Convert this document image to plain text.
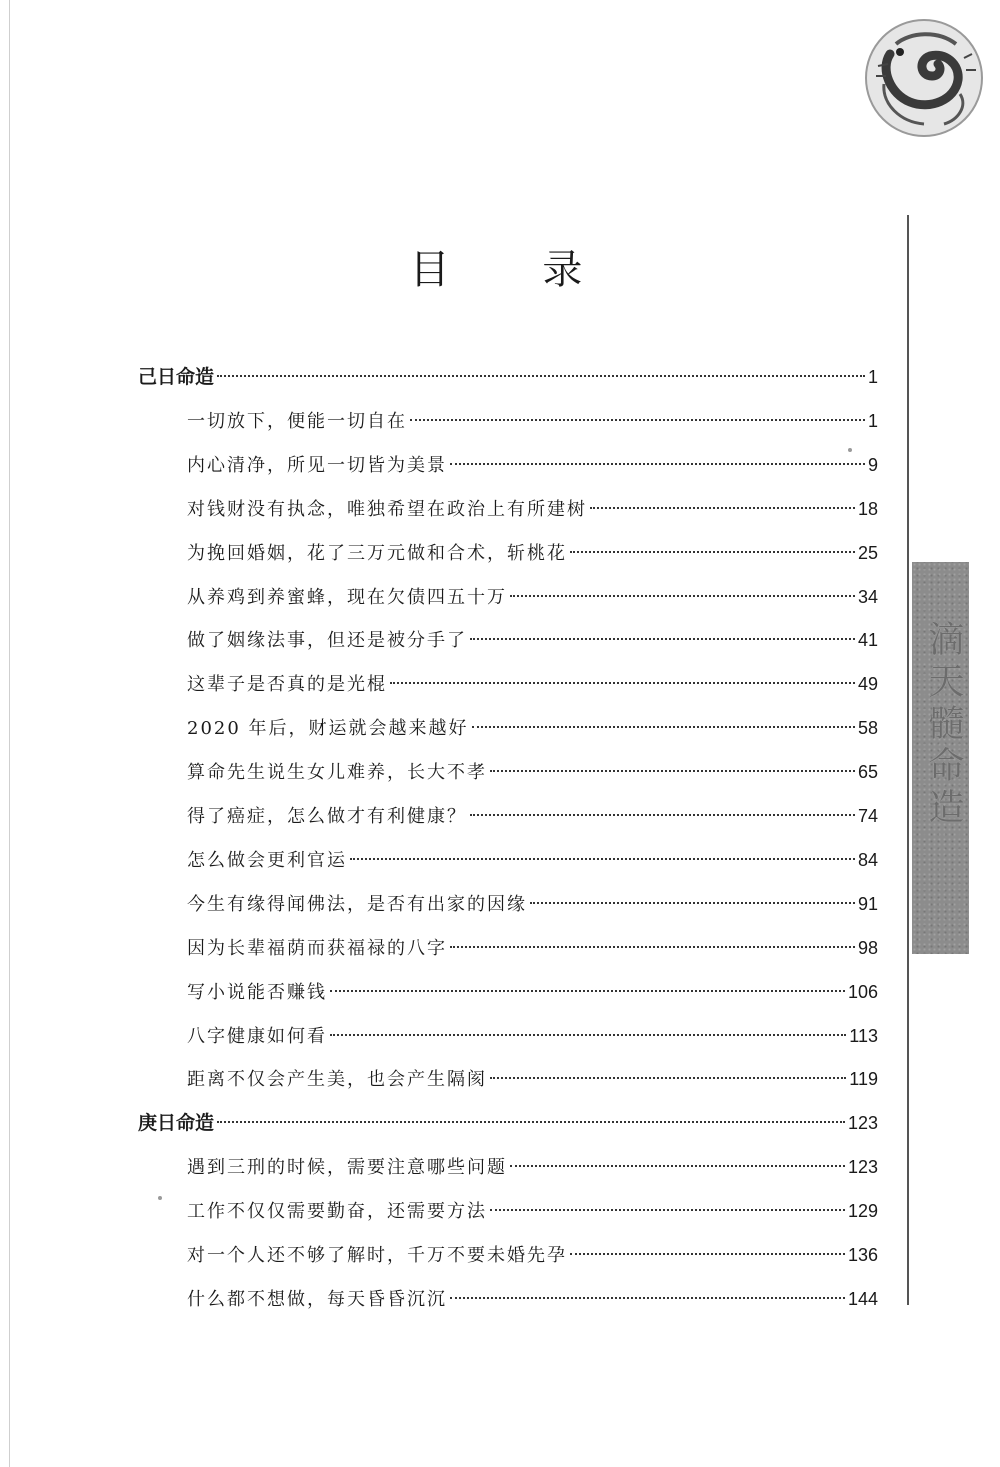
滴天髓命造
目 录
己日命造	1
一切放下，便能一切自在	1
内心清净，所见一切皆为美景	9
对钱财没有执念，唯独希望在政治上有所建树	18
为挽回婚姻，花了三万元做和合术，斩桃花	25
从养鸡到养蜜蜂，现在欠债四五十万	34
做了姻缘法事，但还是被分手了	41
这辈子是否真的是光棍	49
2020 年后，财运就会越来越好	58
算命先生说生女儿难养，长大不孝	65
得了癌症，怎么做才有利健康？	74
怎么做会更利官运	84
今生有缘得闻佛法，是否有出家的因缘	91
因为长辈福荫而获福禄的八字	98
写小说能否赚钱	106
八字健康如何看	113
距离不仅会产生美，也会产生隔阂	119
庚日命造	123
遇到三刑的时候，需要注意哪些问题	123
工作不仅仅需要勤奋，还需要方法	129
对一个人还不够了解时，千万不要未婚先孕	136
什么都不想做，每天昏昏沉沉	144
